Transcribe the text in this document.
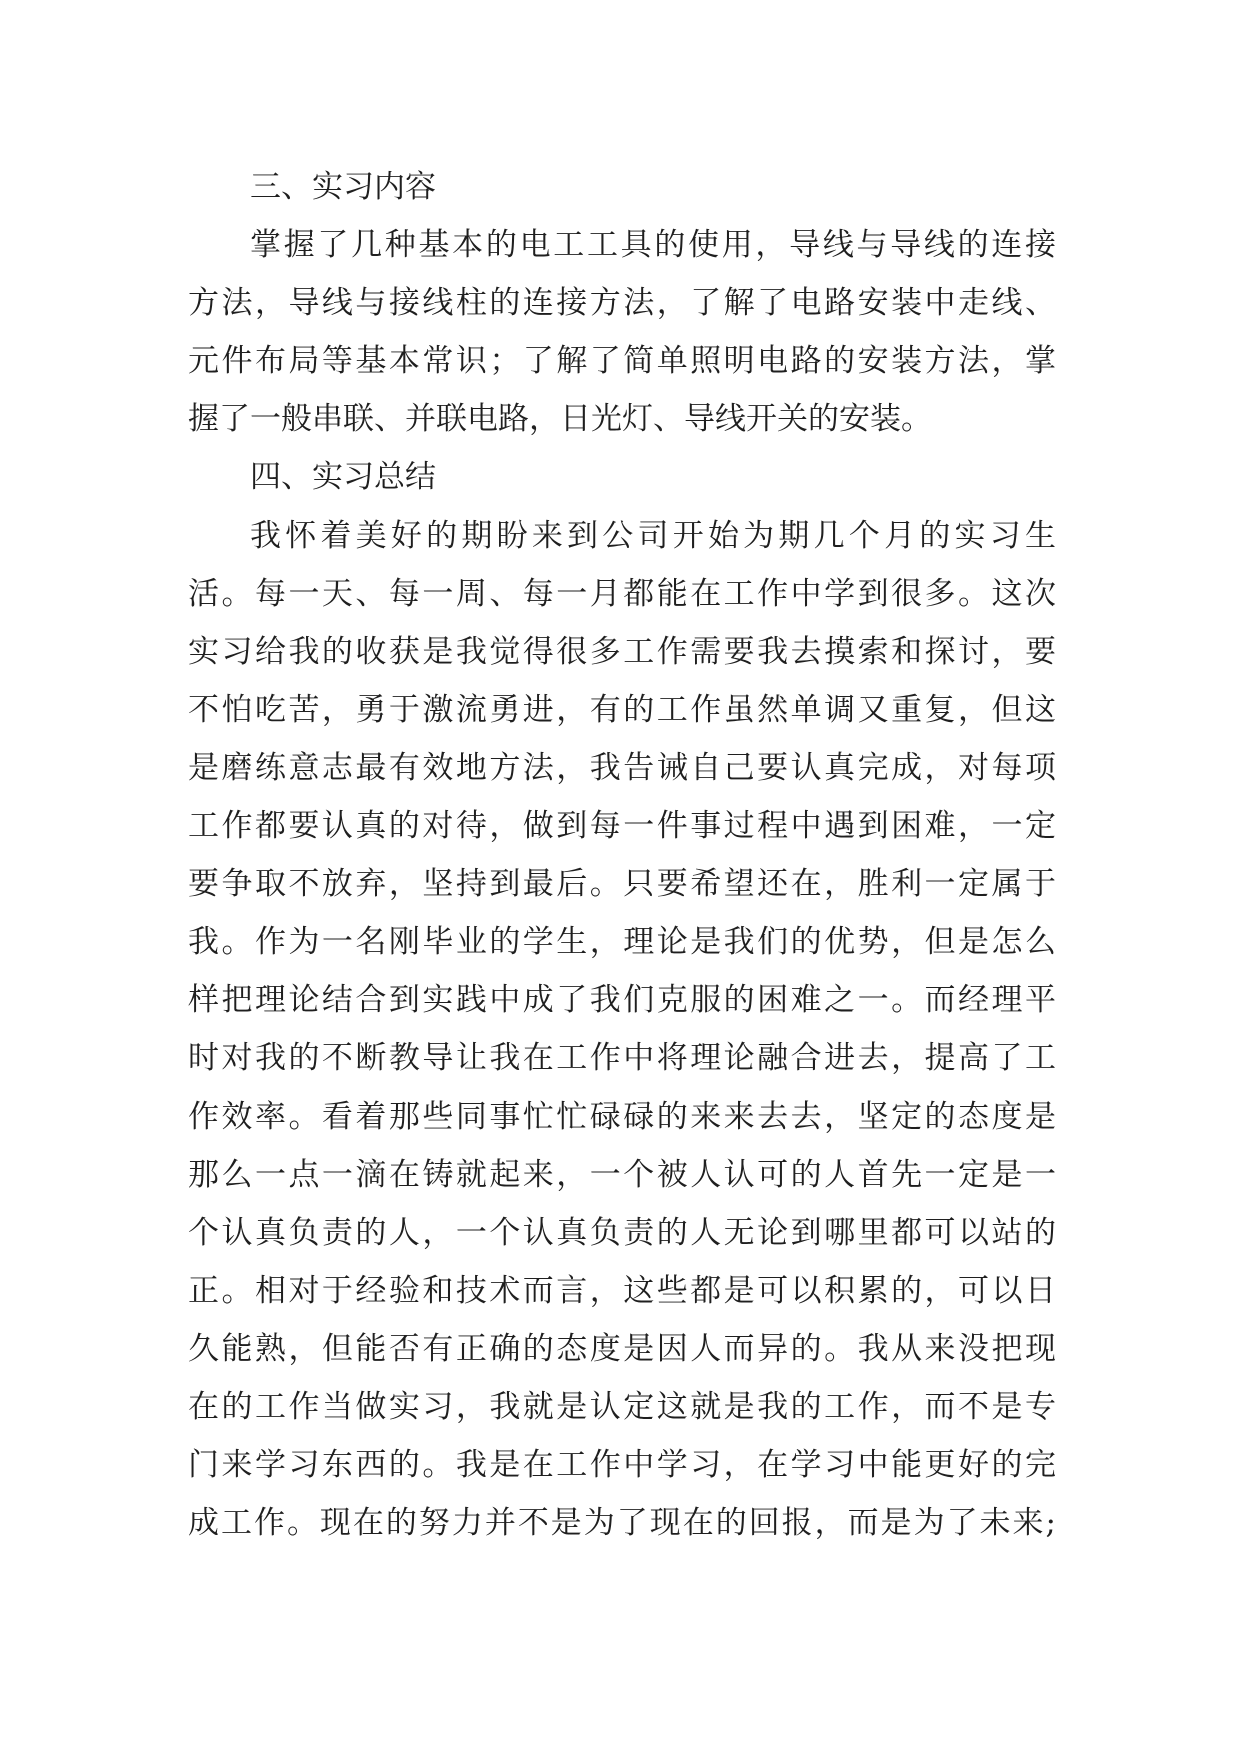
三、实习内容
掌握了几种基本的电工工具的使用，导线与导线的连接
方法，导线与接线柱的连接方法，了解了电路安装中走线、
元件布局等基本常识；了解了简单照明电路的安装方法，掌
握了一般串联、并联电路，日光灯、导线开关的安装。
四、实习总结
我怀着美好的期盼来到公司开始为期几个月的实习生
活。每一天、每一周、每一月都能在工作中学到很多。这次
实习给我的收获是我觉得很多工作需要我去摸索和探讨，要
不怕吃苦，勇于激流勇进，有的工作虽然单调又重复，但这
是磨练意志最有效地方法，我告诫自己要认真完成，对每项
工作都要认真的对待，做到每一件事过程中遇到困难，一定
要争取不放弃，坚持到最后。只要希望还在，胜利一定属于
我。作为一名刚毕业的学生，理论是我们的优势，但是怎么
样把理论结合到实践中成了我们克服的困难之一。而经理平
时对我的不断教导让我在工作中将理论融合进去，提高了工
作效率。看着那些同事忙忙碌碌的来来去去，坚定的态度是
那么一点一滴在铸就起来，一个被人认可的人首先一定是一
个认真负责的人，一个认真负责的人无论到哪里都可以站的
正。相对于经验和技术而言，这些都是可以积累的，可以日
久能熟，但能否有正确的态度是因人而异的。我从来没把现
在的工作当做实习，我就是认定这就是我的工作，而不是专
门来学习东西的。我是在工作中学习，在学习中能更好的完
成工作。现在的努力并不是为了现在的回报，而是为了未来;
